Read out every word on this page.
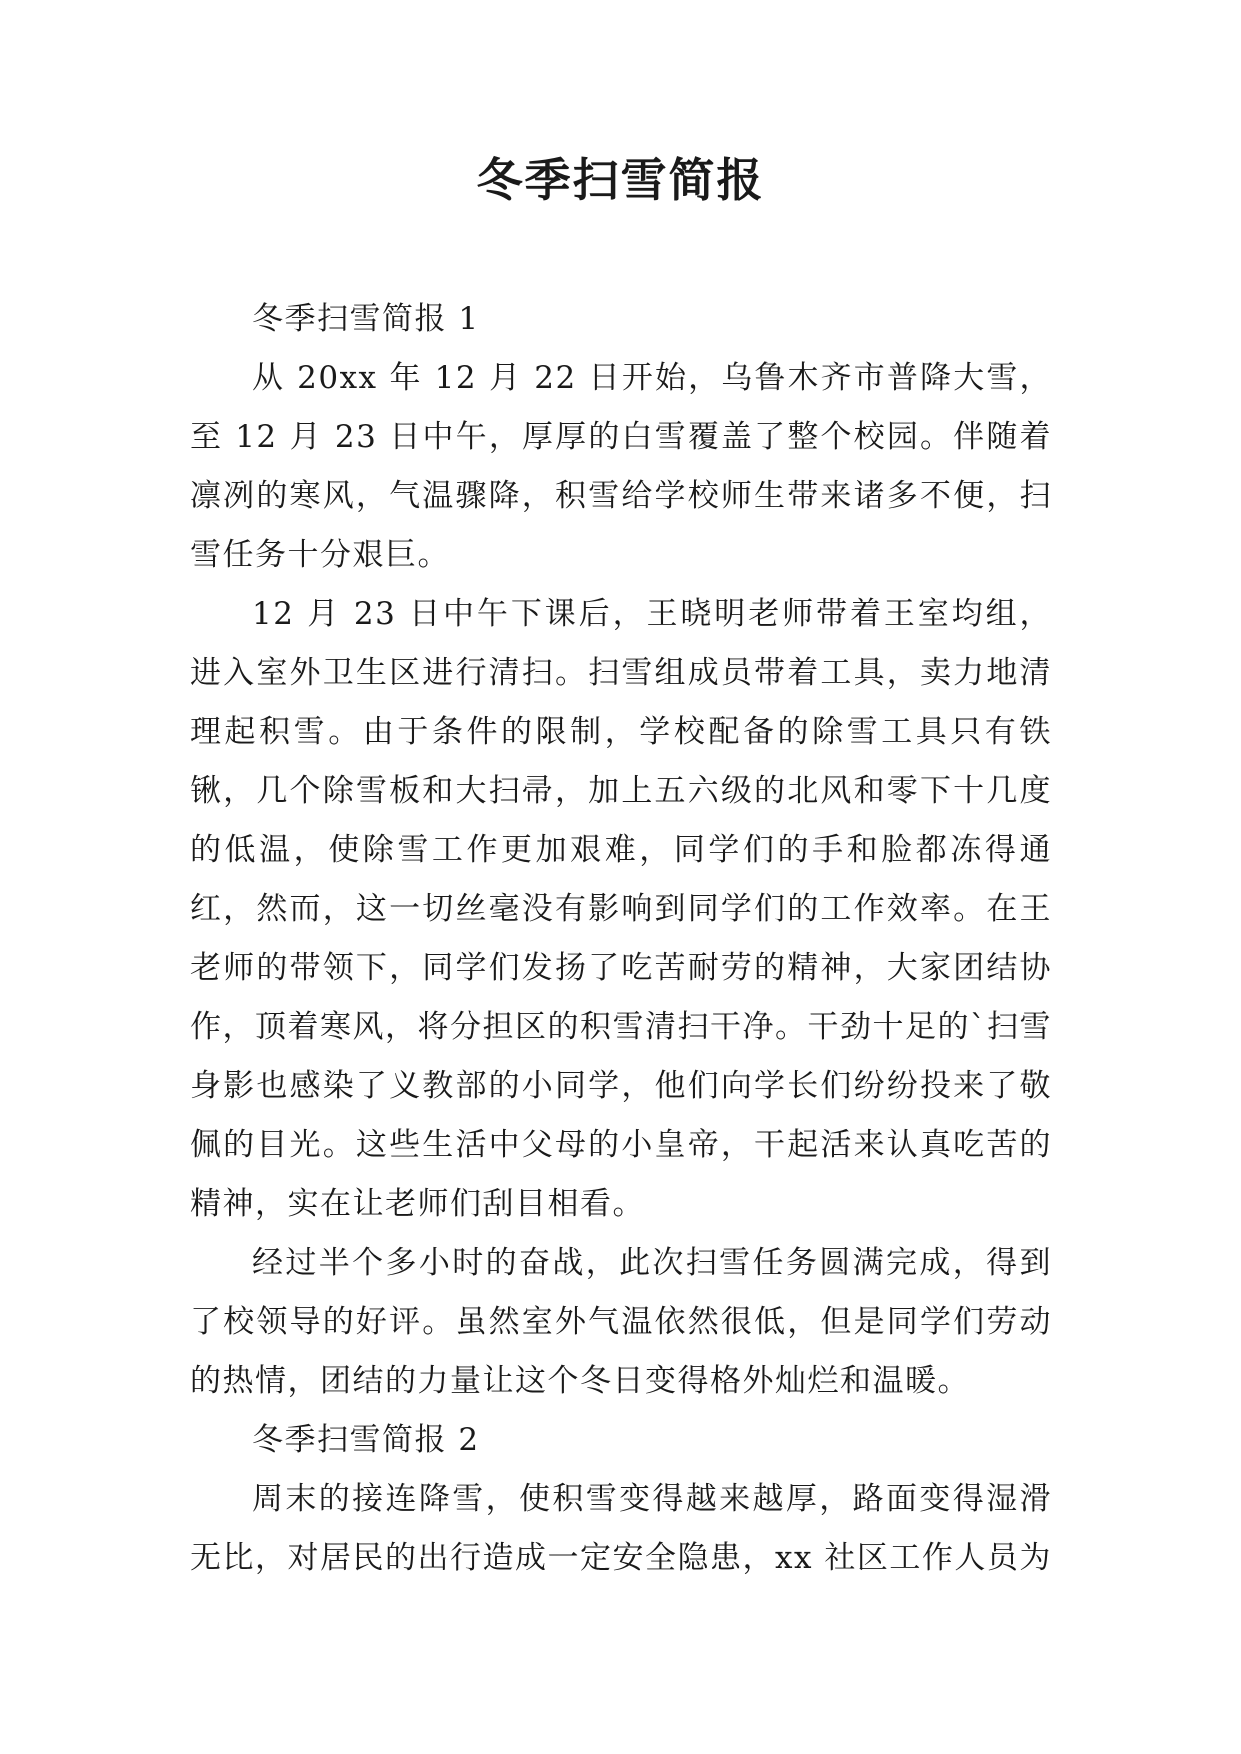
冬季扫雪简报

冬季扫雪简报 1

从 20xx 年 12 月 22 日开始，乌鲁木齐市普降大雪，至 12 月 23 日中午，厚厚的白雪覆盖了整个校园。伴随着凛冽的寒风，气温骤降，积雪给学校师生带来诸多不便，扫雪任务十分艰巨。

12 月 23 日中午下课后，王晓明老师带着王室均组，进入室外卫生区进行清扫。扫雪组成员带着工具，卖力地清理起积雪。由于条件的限制，学校配备的除雪工具只有铁锹，几个除雪板和大扫帚，加上五六级的北风和零下十几度的低温，使除雪工作更加艰难，同学们的手和脸都冻得通红，然而，这一切丝毫没有影响到同学们的工作效率。在王老师的带领下，同学们发扬了吃苦耐劳的精神，大家团结协作，顶着寒风，将分担区的积雪清扫干净。干劲十足的`扫雪身影也感染了义教部的小同学，他们向学长们纷纷投来了敬佩的目光。这些生活中父母的小皇帝，干起活来认真吃苦的精神，实在让老师们刮目相看。

经过半个多小时的奋战，此次扫雪任务圆满完成，得到了校领导的好评。虽然室外气温依然很低，但是同学们劳动的热情，团结的力量让这个冬日变得格外灿烂和温暖。

冬季扫雪简报 2

周末的接连降雪，使积雪变得越来越厚，路面变得湿滑无比，对居民的出行造成一定安全隐患，xx 社区工作人员为
